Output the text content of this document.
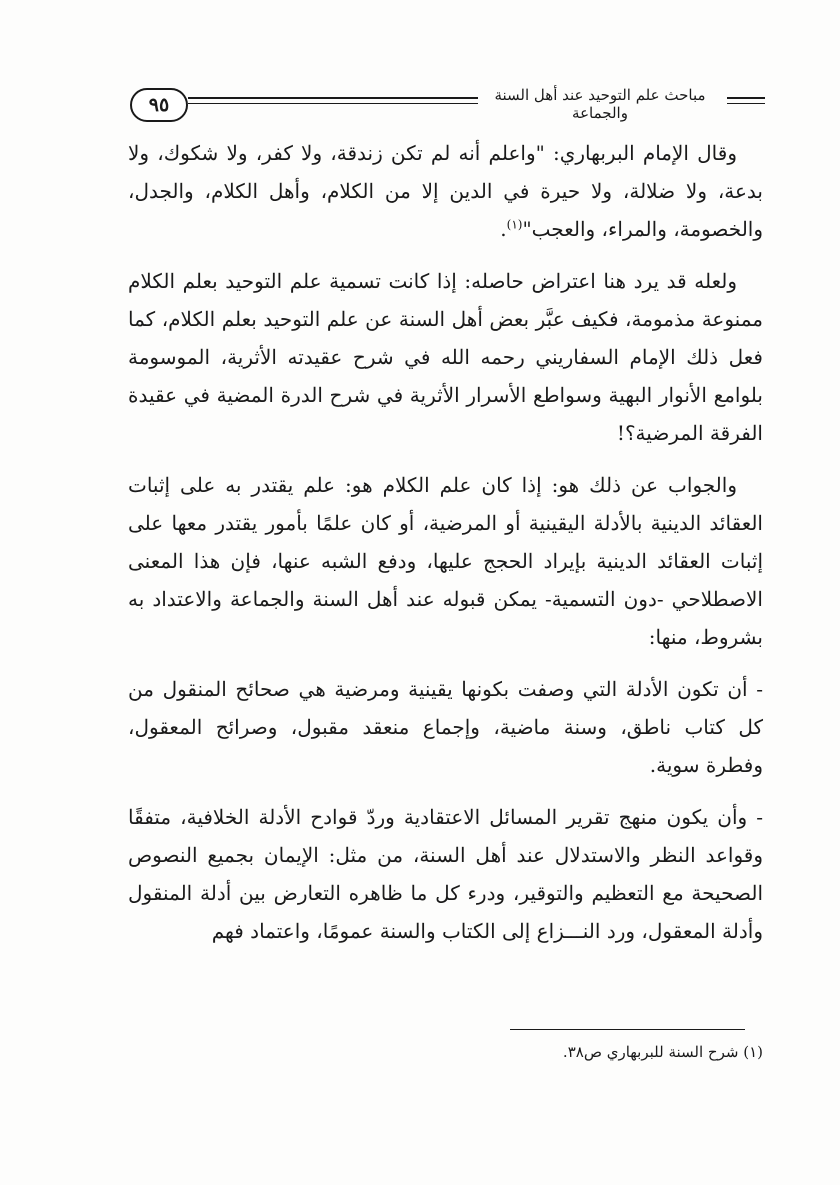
٩٥	مباحث علم التوحيد عند أهل السنة والجماعة

وقال الإمام البربهاري: "واعلم أنه لم تكن زندقة، ولا كفر، ولا شكوك، ولا بدعة، ولا ضلالة، ولا حيرة في الدين إلا من الكلام، وأهل الكلام، والجدل، والخصومة، والمراء، والعجب"$^{(١)}$.

ولعله قد يرد هنا اعتراض حاصله: إذا كانت تسمية علم التوحيد بعلم الكلام ممنوعة مذمومة، فكيف عبَّر بعض أهل السنة عن علم التوحيد بعلم الكلام، كما فعل ذلك الإمام السفاريني رحمه الله في شرح عقيدته الأثرية، الموسومة بلوامع الأنوار البهية وسواطع الأسرار الأثرية في شرح الدرة المضية في عقيدة الفرقة المرضية؟!

والجواب عن ذلك هو: إذا كان علم الكلام هو: علم يقتدر به على إثبات العقائد الدينية بالأدلة اليقينية أو المرضية، أو كان علمًا بأمور يقتدر معها على إثبات العقائد الدينية بإيراد الحجج عليها، ودفع الشبه عنها، فإن هذا المعنى الاصطلاحي -دون التسمية- يمكن قبوله عند أهل السنة والجماعة والاعتداد به بشروط، منها:

- أن تكون الأدلة التي وصفت بكونها يقينية ومرضية هي صحائح المنقول من كل كتاب ناطق، وسنة ماضية، وإجماع منعقد مقبول، وصرائح المعقول، وفطرة سوية.

- وأن يكون منهج تقرير المسائل الاعتقادية وردّ قوادح الأدلة الخلافية، متفقًا وقواعد النظر والاستدلال عند أهل السنة، من مثل: الإيمان بجميع النصوص الصحيحة مع التعظيم والتوقير، ودرء كل ما ظاهره التعارض بين أدلة المنقول وأدلة المعقول، ورد النـــزاع إلى الكتاب والسنة عمومًا، واعتماد فهم

(١) شرح السنة للبربهاري ص٣٨.
